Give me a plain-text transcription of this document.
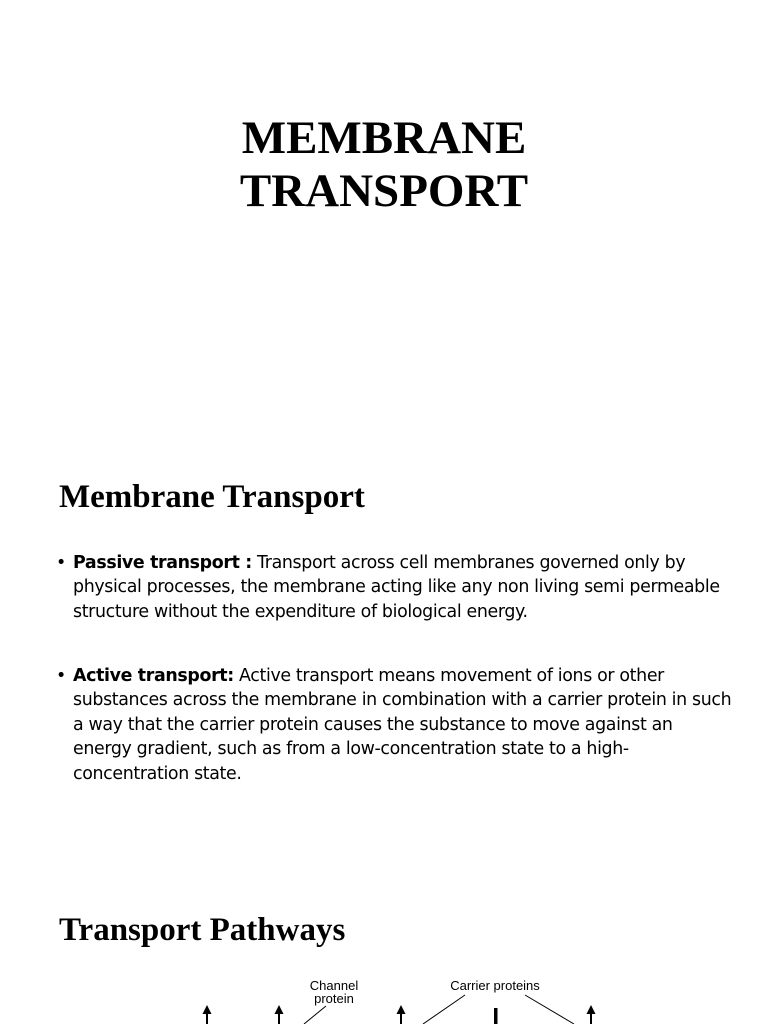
MEMBRANE
TRANSPORT
Membrane Transport
• Passive transport : Transport across cell membranes governed only by physical processes, the membrane acting like any non living semi permeable structure without the expenditure of biological energy.
• Active transport: Active transport means movement of ions or other substances across the membrane in combination with a carrier protein in such a way that the carrier protein causes the substance to move against an energy gradient, such as from a low-concentration state to a high-concentration state.
Transport Pathways
Channel
protein
Carrier proteins
